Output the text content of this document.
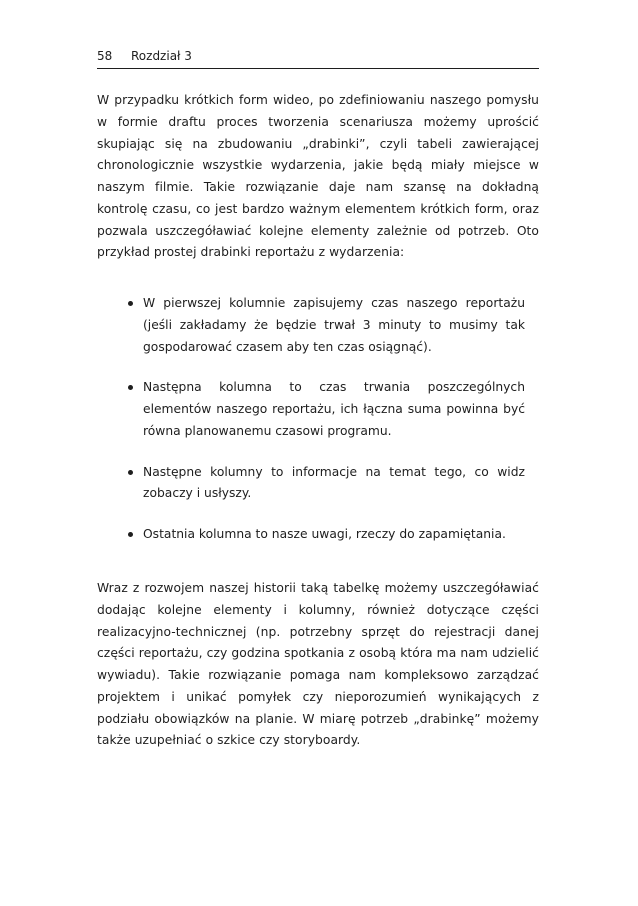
58 Rozdział 3

W przypadku krótkich form wideo, po zdefiniowaniu naszego pomysłu w formie draftu proces tworzenia scenariusza możemy uprościć skupiając się na zbudowaniu „drabinki”, czyli tabeli zawierającej chronologicznie wszystkie wydarzenia, jakie będą miały miejsce w naszym filmie. Takie rozwiązanie daje nam szansę na dokładną kontrolę czasu, co jest bardzo ważnym elementem krótkich form, oraz pozwala uszczegóławiać kolejne elementy zależnie od potrzeb. Oto przykład prostej drabinki reportażu z wydarzenia:

W pierwszej kolumnie zapisujemy czas naszego reportażu (jeśli zakładamy że będzie trwał 3 minuty to musimy tak gospodarować czasem aby ten czas osiągnąć).
Następna kolumna to czas trwania poszczególnych elementów naszego reportażu, ich łączna suma powinna być równa planowanemu czasowi programu.
Następne kolumny to informacje na temat tego, co widz zobaczy i usłyszy.
Ostatnia kolumna to nasze uwagi, rzeczy do zapamiętania.

Wraz z rozwojem naszej historii taką tabelkę możemy uszczegóławiać dodając kolejne elementy i kolumny, również dotyczące części realizacyjno-technicznej (np. potrzebny sprzęt do rejestracji danej części reportażu, czy godzina spotkania z osobą która ma nam udzielić wywiadu). Takie rozwiązanie pomaga nam kompleksowo zarządzać projektem i unikać pomyłek czy nieporozumień wynikających z podziału obowiązków na planie. W miarę potrzeb „drabinkę” możemy także uzupełniać o szkice czy storyboardy.
